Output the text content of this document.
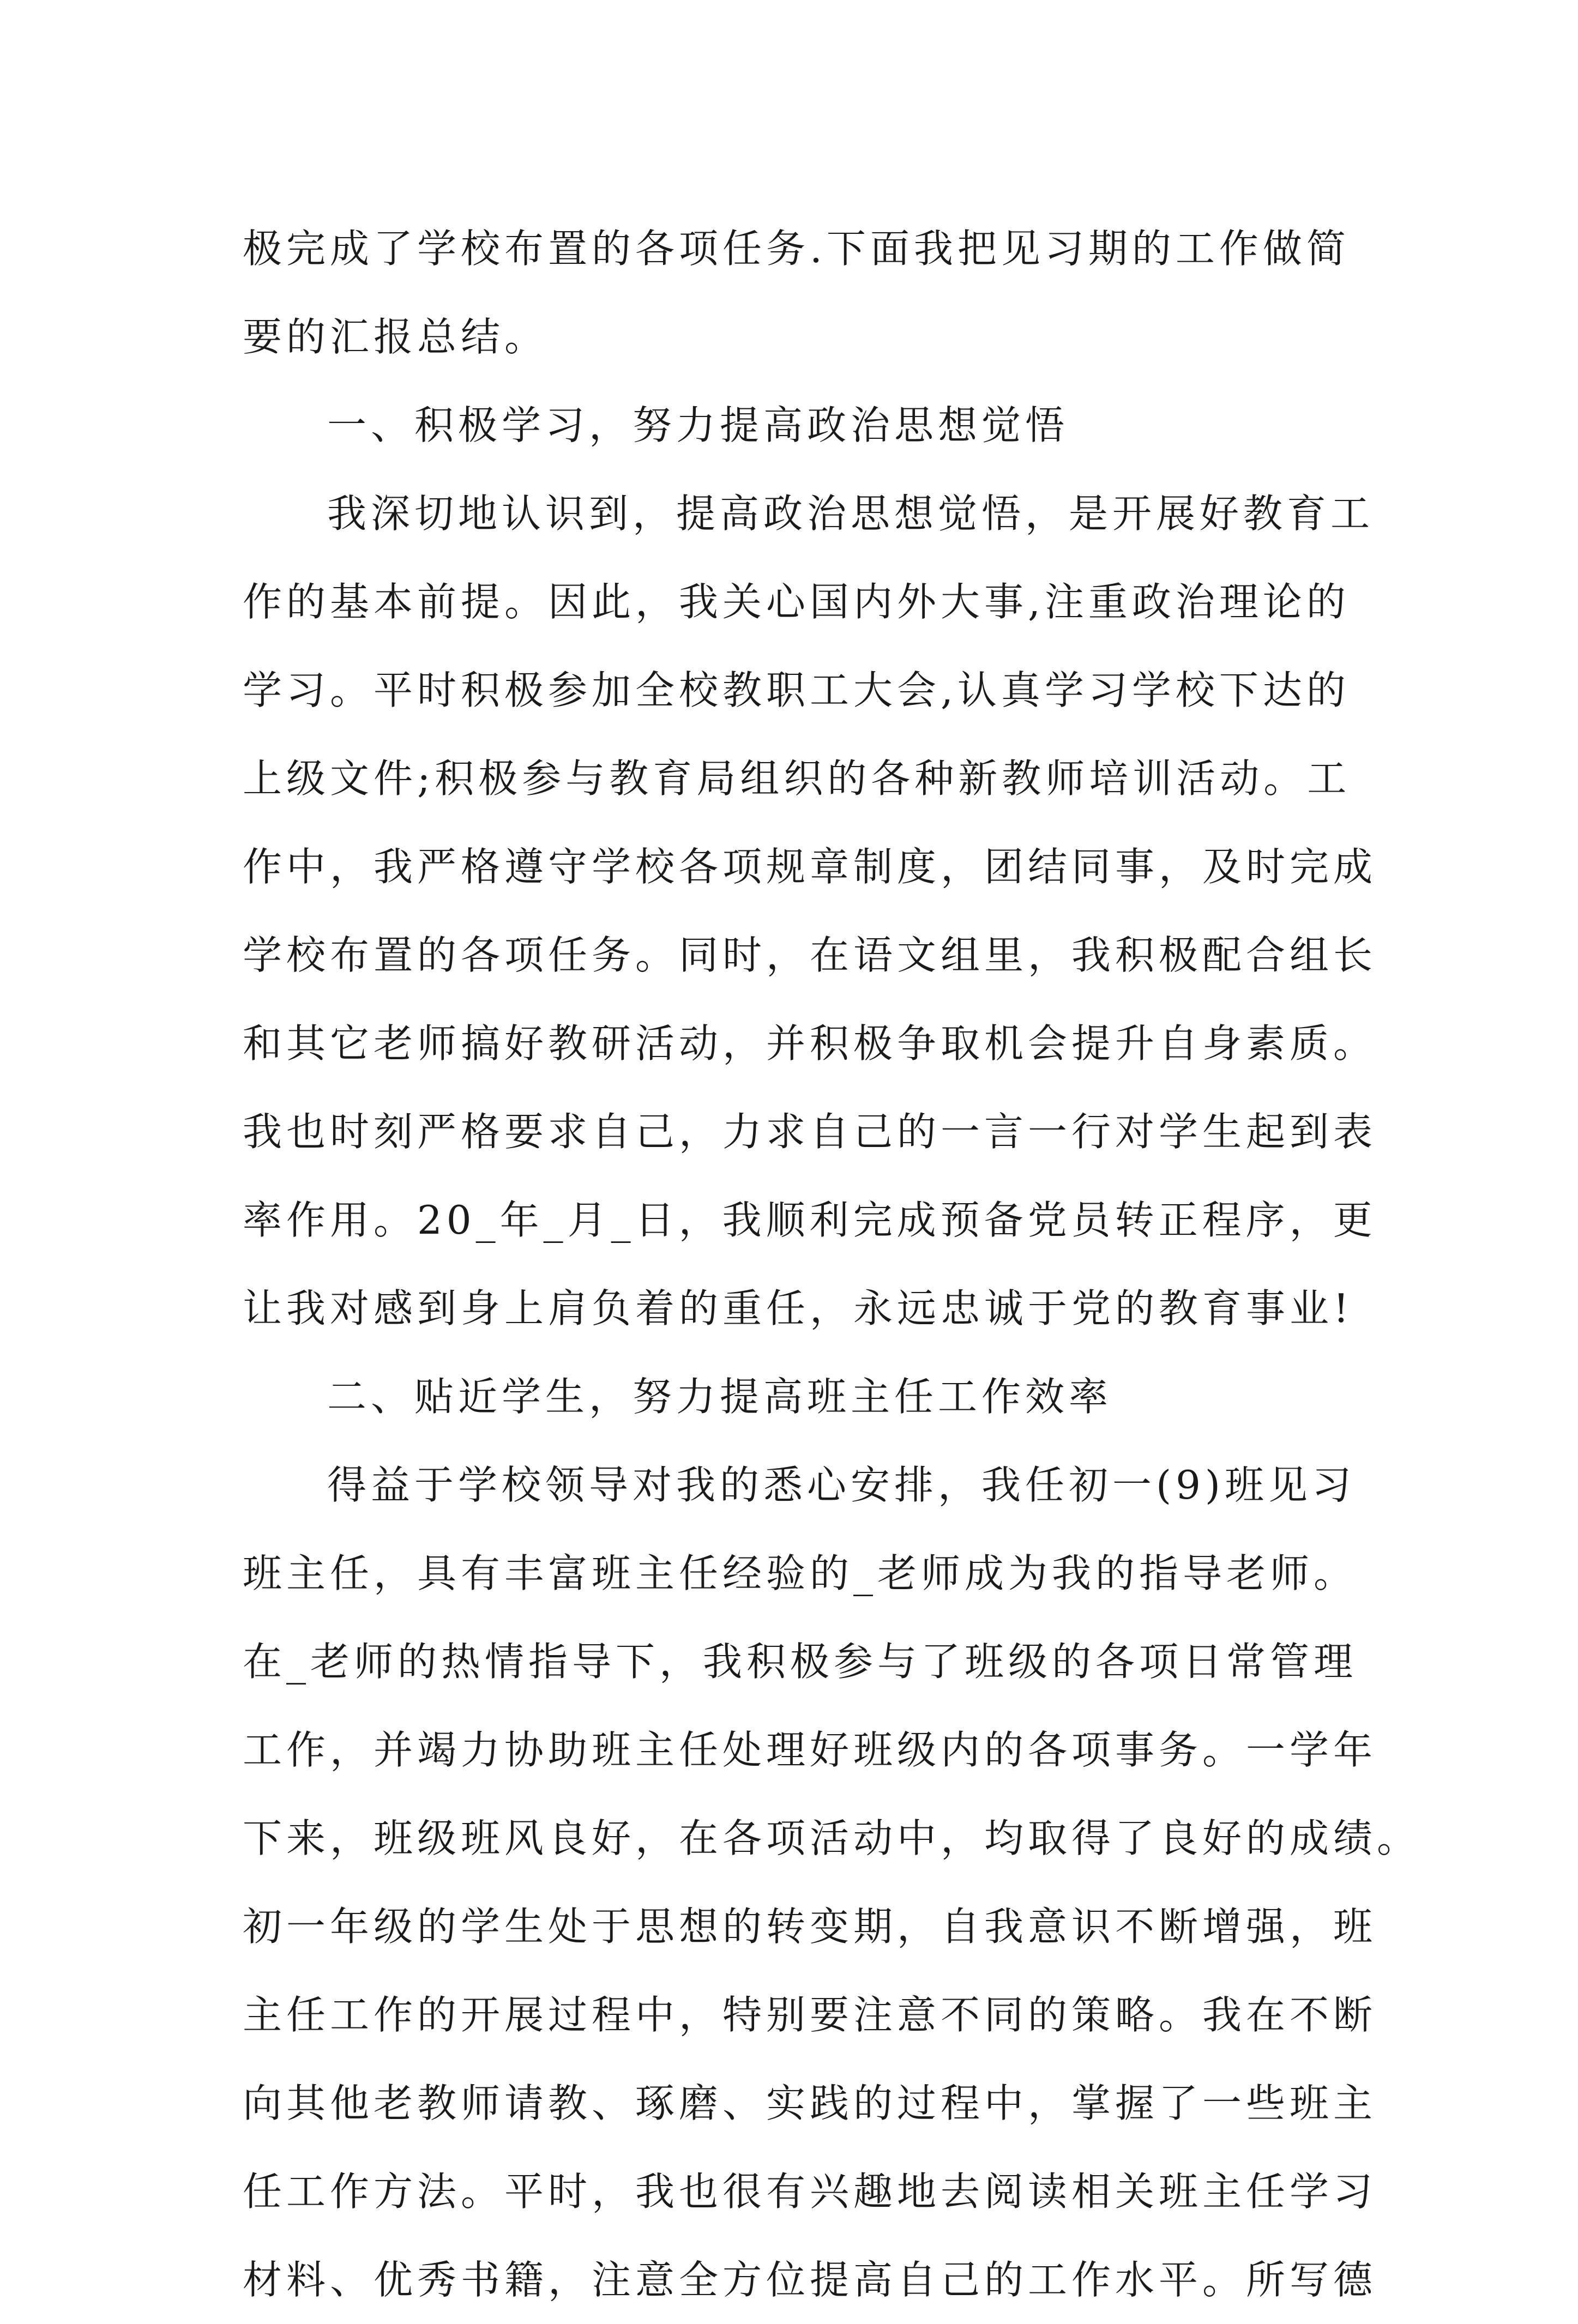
极完成了学校布置的各项任务.下面我把见习期的工作做简
要的汇报总结。
一、积极学习，努力提高政治思想觉悟
我深切地认识到，提高政治思想觉悟，是开展好教育工
作的基本前提。因此，我关心国内外大事,注重政治理论的
学习。平时积极参加全校教职工大会,认真学习学校下达的
上级文件;积极参与教育局组织的各种新教师培训活动。工
作中，我严格遵守学校各项规章制度，团结同事，及时完成
学校布置的各项任务。同时，在语文组里，我积极配合组长
和其它老师搞好教研活动，并积极争取机会提升自身素质。
我也时刻严格要求自己，力求自己的一言一行对学生起到表
率作用。20_年_月_日，我顺利完成预备党员转正程序，更
让我对感到身上肩负着的重任，永远忠诚于党的教育事业!
二、贴近学生，努力提高班主任工作效率
得益于学校领导对我的悉心安排，我任初一(9)班见习
班主任，具有丰富班主任经验的_老师成为我的指导老师。
在_老师的热情指导下，我积极参与了班级的各项日常管理
工作，并竭力协助班主任处理好班级内的各项事务。一学年
下来，班级班风良好，在各项活动中，均取得了良好的成绩。
初一年级的学生处于思想的转变期，自我意识不断增强，班
主任工作的开展过程中，特别要注意不同的策略。我在不断
向其他老教师请教、琢磨、实践的过程中，掌握了一些班主
任工作方法。平时，我也很有兴趣地去阅读相关班主任学习
材料、优秀书籍，注意全方位提高自己的工作水平。所写德
